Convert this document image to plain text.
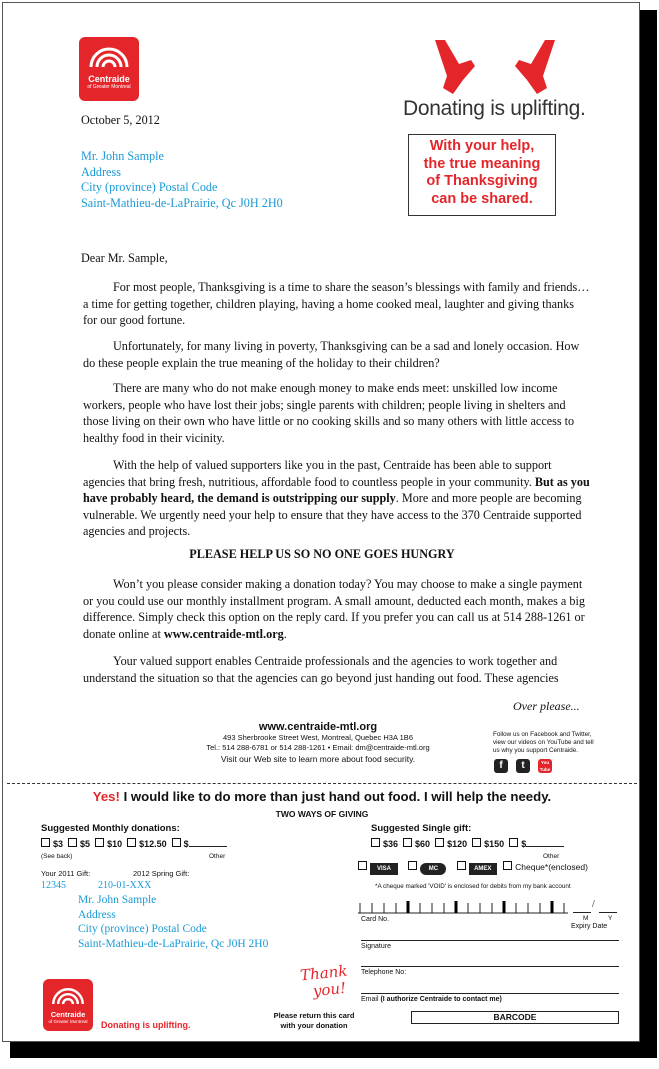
Centraide
of Greater Montreal
Donating is uplifting.
With your help,
the true meaning
of Thanksgiving
can be shared.
October 5, 2012
Mr. John Sample
Address
City (province) Postal Code
Saint-Mathieu-de-LaPrairie, Qc J0H 2H0
Dear Mr. Sample,
For most people, Thanksgiving is a time to share the season’s blessings with family and friends… a time for getting together, children playing, having a home cooked meal, laughter and giving thanks for our good fortune.
Unfortunately, for many living in poverty, Thanksgiving can be a sad and lonely occasion. How do these people explain the true meaning of the holiday to their children?
There are many who do not make enough money to make ends meet: unskilled low income workers, people who have lost their jobs; single parents with children; people living in shelters and those living on their own who have little or no cooking skills and so many others with little access to healthy food in their vicinity.
With the help of valued supporters like you in the past, Centraide has been able to support agencies that bring fresh, nutritious, affordable food to countless people in your community. But as you have probably heard, the demand is outstripping our supply. More and more people are becoming vulnerable. We urgently need your help to ensure that they have access to the 370 Centraide supported agencies and projects.
PLEASE HELP US SO NO ONE GOES HUNGRY
Won’t you please consider making a donation today? You may choose to make a single payment or you could use our monthly installment program. A small amount, deducted each month, makes a big difference. Simply check this option on the reply card. If you prefer you can call us at 514 288-1261 or donate online at www.centraide-mtl.org.
Your valued support enables Centraide professionals and the agencies to work together and understand the situation so that the agencies can go beyond just handing out food. These agencies
Over please...
www.centraide-mtl.org
493 Sherbrooke Street West, Montreal, Quebec H3A 1B6
Tel.: 514 288-6781 or 514 288-1261 • Email: dm@centraide-mtl.org
Visit our Web site to learn more about food security.
Follow us on Facebook and Twitter,
view our videos on YouTube and tell
us why you support Centraide.
f	t	You Tube
Yes! I would like to do more than just hand out food. I will help the needy.
TWO WAYS OF GIVING
Suggested Monthly donations:
$3 $5 $10 $12.50 $
(See back)	Other
Your 2011 Gift:	2012 Spring Gift:
12345	210-01-XXX
Mr. John Sample
Address
City (province) Postal Code
Saint-Mathieu-de-LaPrairie, Qc J0H 2H0
Suggested Single gift:
$36 $60 $120 $150 $
Other
VISA	MC	AMEX	Cheque*(enclosed)
*A cheque marked 'VOID' is enclosed for debits from my bank account
/
Card No.	M	Y
Expiry Date
Signature
Telephone No:
Email (I authorize Centraide to contact me)
Thank
you!
Please return this card
with your donation
BARCODE
Centraide
of Greater Montreal	Donating is uplifting.
